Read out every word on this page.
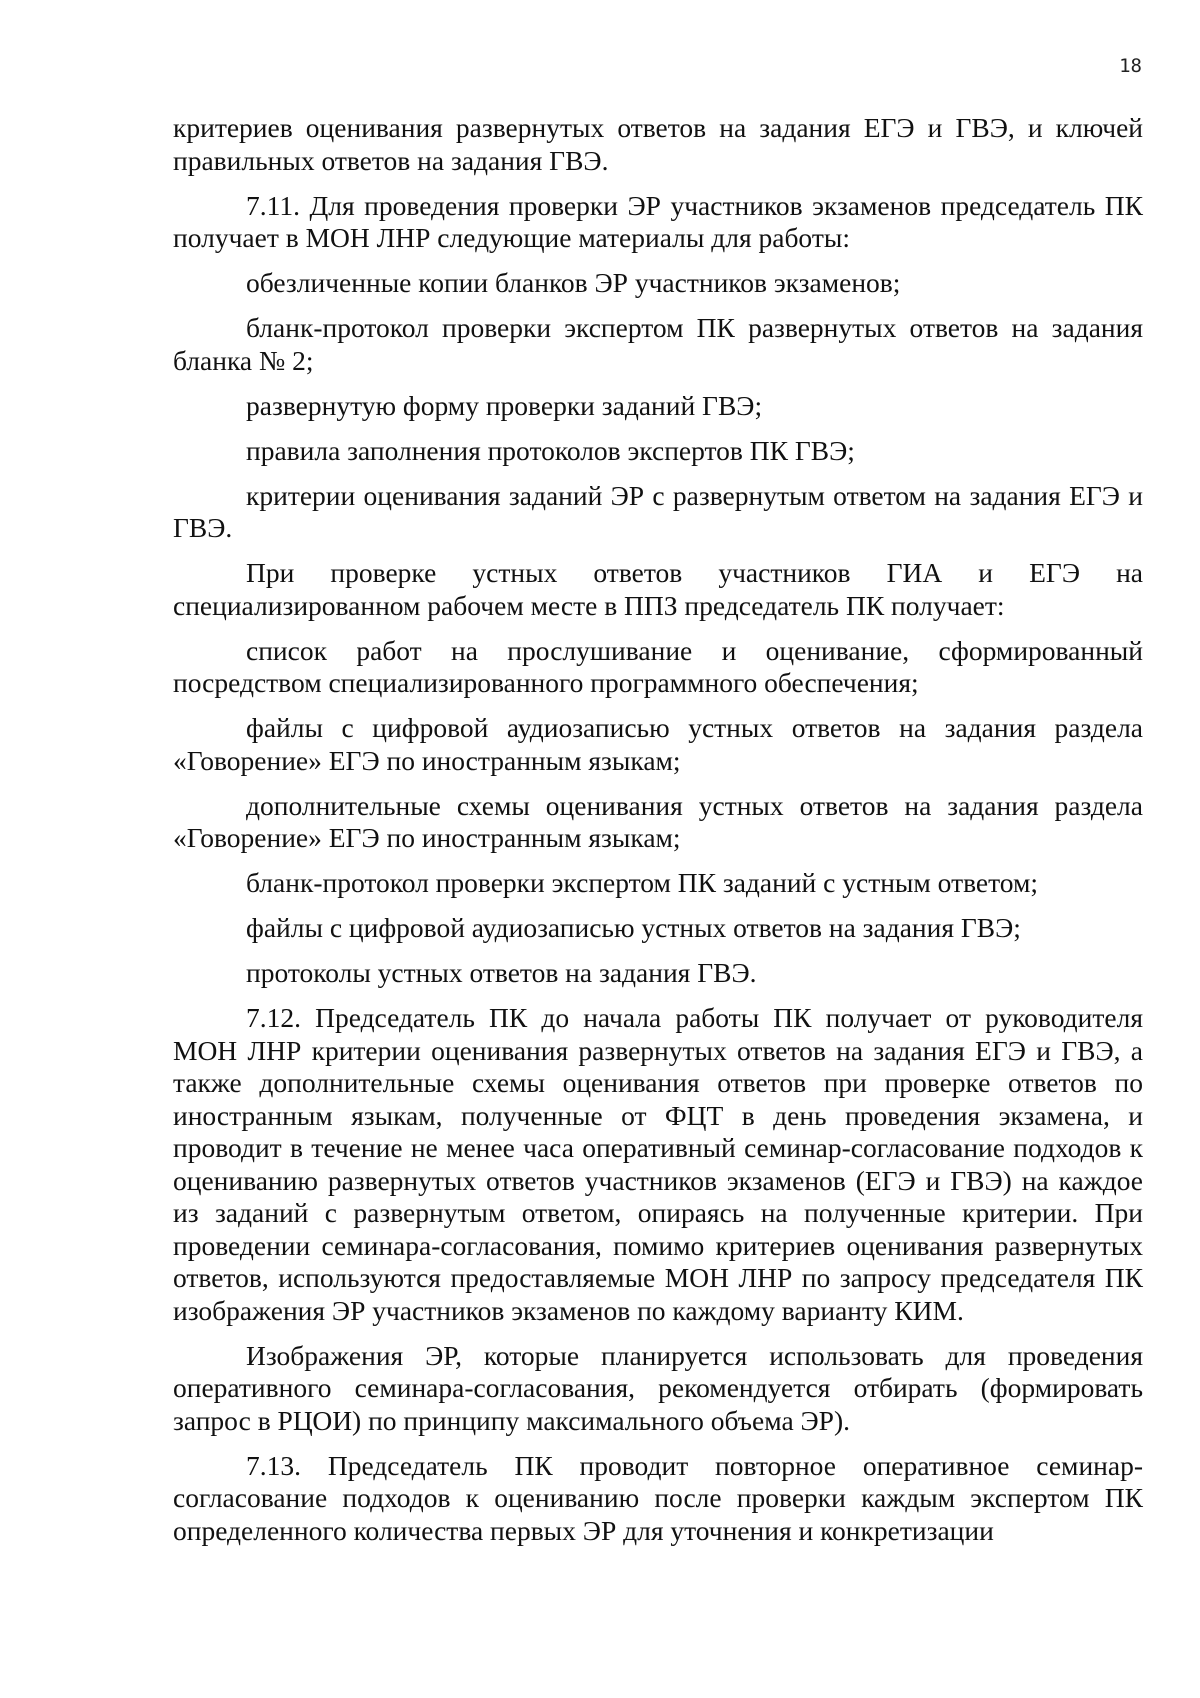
18

критериев оценивания развернутых ответов на задания ЕГЭ и ГВЭ, и ключей правильных ответов на задания ГВЭ.

7.11. Для проведения проверки ЭР участников экзаменов председатель ПК получает в МОН ЛНР следующие материалы для работы:

обезличенные копии бланков ЭР участников экзаменов;

бланк-протокол проверки экспертом ПК развернутых ответов на задания бланка № 2;

развернутую форму проверки заданий ГВЭ;

правила заполнения протоколов экспертов ПК ГВЭ;

критерии оценивания заданий ЭР с развернутым ответом на задания ЕГЭ и ГВЭ.

При проверке устных ответов участников ГИА и ЕГЭ на специализированном рабочем месте в ППЗ председатель ПК получает:

список работ на прослушивание и оценивание, сформированный посредством специализированного программного обеспечения;

файлы с цифровой аудиозаписью устных ответов на задания раздела «Говорение» ЕГЭ по иностранным языкам;

дополнительные схемы оценивания устных ответов на задания раздела «Говорение» ЕГЭ по иностранным языкам;

бланк-протокол проверки экспертом ПК заданий с устным ответом;

файлы с цифровой аудиозаписью устных ответов на задания ГВЭ;

протоколы устных ответов на задания ГВЭ.

7.12. Председатель ПК до начала работы ПК получает от руководителя МОН ЛНР критерии оценивания развернутых ответов на задания ЕГЭ и ГВЭ, а также дополнительные схемы оценивания ответов при проверке ответов по иностранным языкам, полученные от ФЦТ в день проведения экзамена, и проводит в течение не менее часа оперативный семинар-согласование подходов к оцениванию развернутых ответов участников экзаменов (ЕГЭ и ГВЭ) на каждое из заданий с развернутым ответом, опираясь на полученные критерии. При проведении семинара-согласования, помимо критериев оценивания развернутых ответов, используются предоставляемые МОН ЛНР по запросу председателя ПК изображения ЭР участников экзаменов по каждому варианту КИМ.

Изображения ЭР, которые планируется использовать для проведения оперативного семинара-согласования, рекомендуется отбирать (формировать запрос в РЦОИ) по принципу максимального объема ЭР).

7.13. Председатель ПК проводит повторное оперативное семинар-согласование подходов к оцениванию после проверки каждым экспертом ПК определенного количества первых ЭР для уточнения и конкретизации
